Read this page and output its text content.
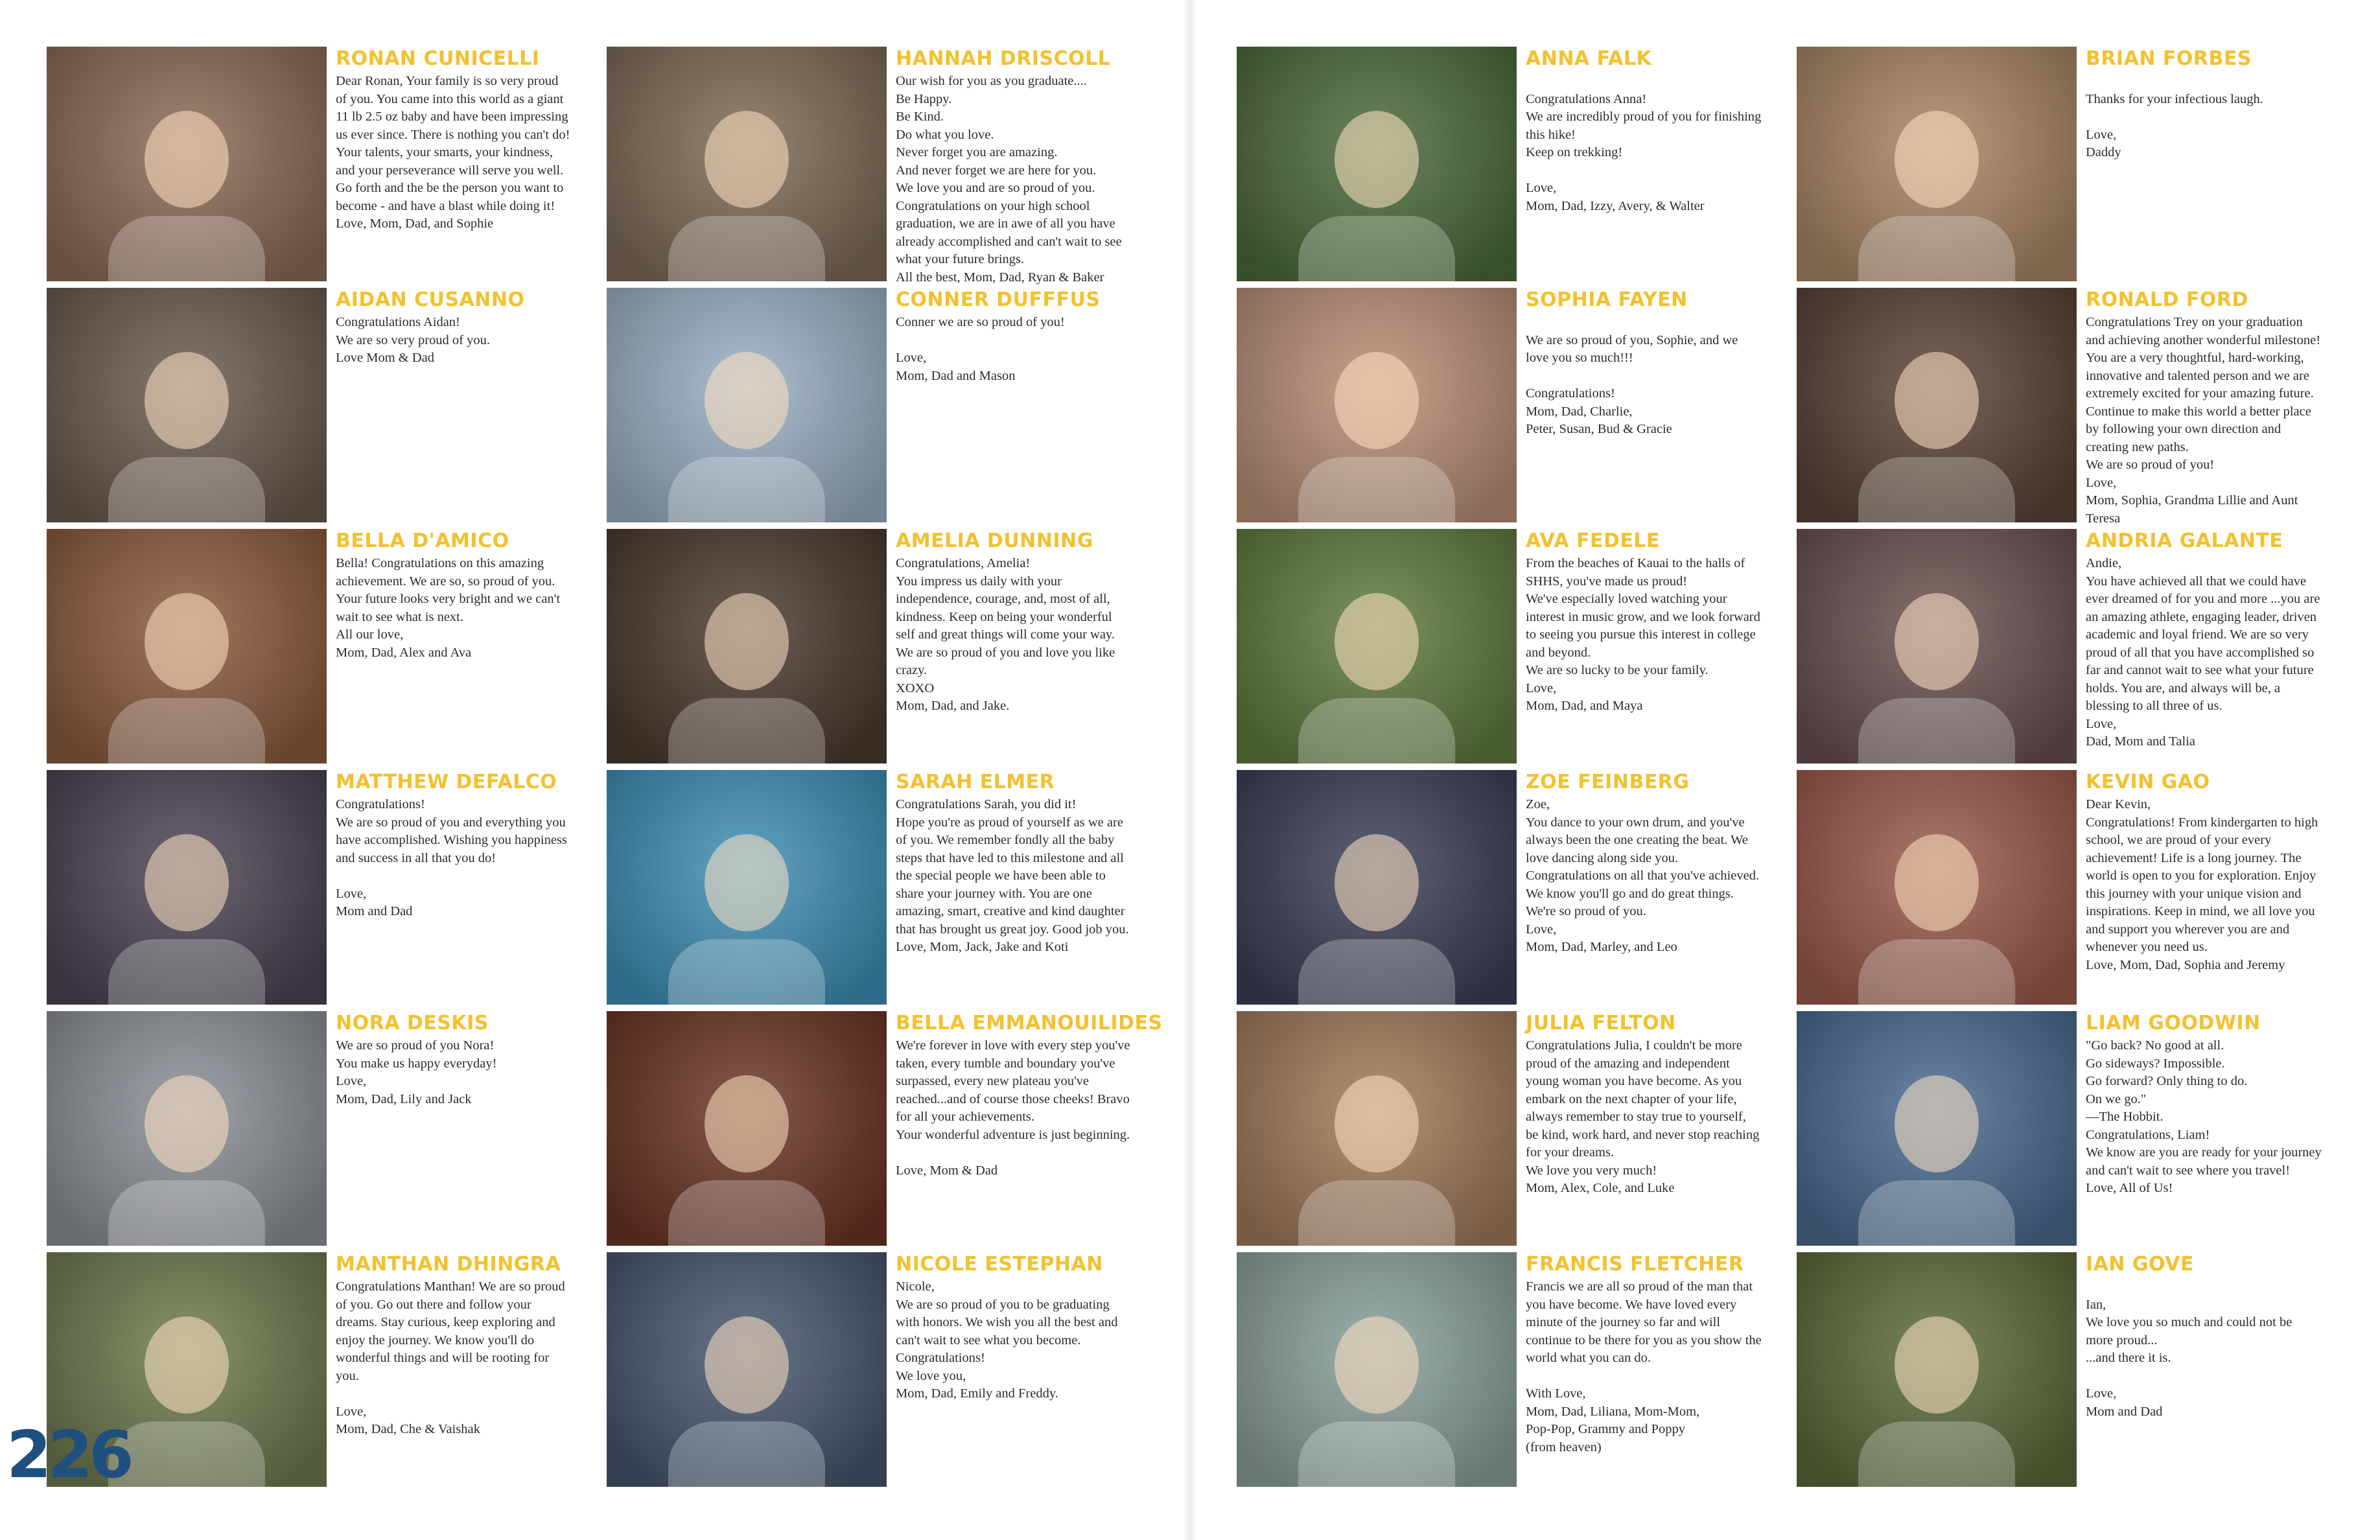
RONAN CUNICELLI
Dear Ronan, Your family is so very proud of you. You came into this world as a giant 11 lb 2.5 oz baby and have been impressing us ever since. There is nothing you can't do! Your talents, your smarts, your kindness, and your perseverance will serve you well. Go forth and the be the person you want to become - and have a blast while doing it!
Love, Mom, Dad, and Sophie
HANNAH DRISCOLL
Our wish for you as you graduate....
Be Happy.
Be Kind.
Do what you love.
Never forget you are amazing.
And never forget we are here for you.
We love you and are so proud of you.
Congratulations on your high school graduation, we are in awe of all you have already accomplished and can't wait to see what your future brings.
All the best, Mom, Dad, Ryan & Baker
AIDAN CUSANNO
Congratulations Aidan!
We are so very proud of you.
Love Mom & Dad
CONNER DUFFFUS
Conner we are so proud of you!

Love,
Mom, Dad and Mason
BELLA D'AMICO
Bella! Congratulations on this amazing achievement. We are so, so proud of you. Your future looks very bright and we can't wait to see what is next.
All our love,
Mom, Dad, Alex and Ava
AMELIA DUNNING
Congratulations, Amelia!
You impress us daily with your independence, courage, and, most of all, kindness. Keep on being your wonderful self and great things will come your way. We are so proud of you and love you like crazy.
XOXO
Mom, Dad, and Jake.
MATTHEW DEFALCO
Congratulations!
We are so proud of you and everything you have accomplished. Wishing you happiness and success in all that you do!

Love,
Mom and Dad
SARAH ELMER
Congratulations Sarah, you did it!
Hope you're as proud of yourself as we are of you. We remember fondly all the baby steps that have led to this milestone and all the special people we have been able to share your journey with. You are one amazing, smart, creative and kind daughter that has brought us great joy. Good job you.
Love, Mom, Jack, Jake and Koti
NORA DESKIS
We are so proud of you Nora!
You make us happy everyday!
Love,
Mom, Dad, Lily and Jack
BELLA EMMANOUILIDES
We're forever in love with every step you've taken, every tumble and boundary you've surpassed, every new plateau you've reached...and of course those cheeks! Bravo for all your achievements.
Your wonderful adventure is just beginning.

Love, Mom & Dad
MANTHAN DHINGRA
Congratulations Manthan! We are so proud of you. Go out there and follow your dreams. Stay curious, keep exploring and enjoy the journey. We know you'll do wonderful things and will be rooting for you.

Love,
Mom, Dad, Che & Vaishak
NICOLE ESTEPHAN
Nicole,
We are so proud of you to be graduating with honors. We wish you all the best and can't wait to see what you become.
Congratulations!
We love you,
Mom, Dad, Emily and Freddy.
226
ANNA FALK

Congratulations Anna!
We are incredibly proud of you for finishing this hike!
Keep on trekking!

Love,
Mom, Dad, Izzy, Avery, & Walter
BRIAN FORBES

Thanks for your infectious laugh.

Love,
Daddy
SOPHIA FAYEN

We are so proud of you, Sophie, and we love you so much!!!

Congratulations!
Mom, Dad, Charlie,
Peter, Susan, Bud & Gracie
RONALD FORD
Congratulations Trey on your graduation and achieving another wonderful milestone! You are a very thoughtful, hard-working, innovative and talented person and we are extremely excited for your amazing future. Continue to make this world a better place by following your own direction and creating new paths.
We are so proud of you!
Love,
Mom, Sophia, Grandma Lillie and Aunt Teresa
AVA FEDELE
From the beaches of Kauai to the halls of SHHS, you've made us proud!
We've especially loved watching your interest in music grow, and we look forward to seeing you pursue this interest in college and beyond.
We are so lucky to be your family.
Love,
Mom, Dad, and Maya
ANDRIA GALANTE
Andie,
You have achieved all that we could have ever dreamed of for you and more ...you are an amazing athlete, engaging leader, driven academic and loyal friend. We are so very proud of all that you have accomplished so far and cannot wait to see what your future holds. You are, and always will be, a blessing to all three of us.
Love,
Dad, Mom and Talia
ZOE FEINBERG
Zoe,
You dance to your own drum, and you've always been the one creating the beat. We love dancing along side you. Congratulations on all that you've achieved. We know you'll go and do great things.
We're so proud of you.
Love,
Mom, Dad, Marley, and Leo
KEVIN GAO
Dear Kevin,
Congratulations! From kindergarten to high school, we are proud of your every achievement! Life is a long journey. The world is open to you for exploration. Enjoy this journey with your unique vision and inspirations. Keep in mind, we all love you and support you wherever you are and whenever you need us.
Love, Mom, Dad, Sophia and Jeremy
JULIA FELTON
Congratulations Julia, I couldn't be more proud of the amazing and independent young woman you have become. As you embark on the next chapter of your life, always remember to stay true to yourself, be kind, work hard, and never stop reaching for your dreams.
We love you very much!
Mom, Alex, Cole, and Luke
LIAM GOODWIN
"Go back? No good at all.
Go sideways? Impossible.
Go forward? Only thing to do.
On we go."
—The Hobbit.
Congratulations, Liam!
We know are you are ready for your journey and can't wait to see where you travel!
Love, All of Us!
FRANCIS FLETCHER
Francis we are all so proud of the man that you have become. We have loved every minute of the journey so far and will continue to be there for you as you show the world what you can do.

With Love,
Mom, Dad, Liliana, Mom-Mom,
Pop-Pop, Grammy and Poppy
(from heaven)
IAN GOVE

Ian,
We love you so much and could not be more proud...
...and there it is.

Love,
Mom and Dad
